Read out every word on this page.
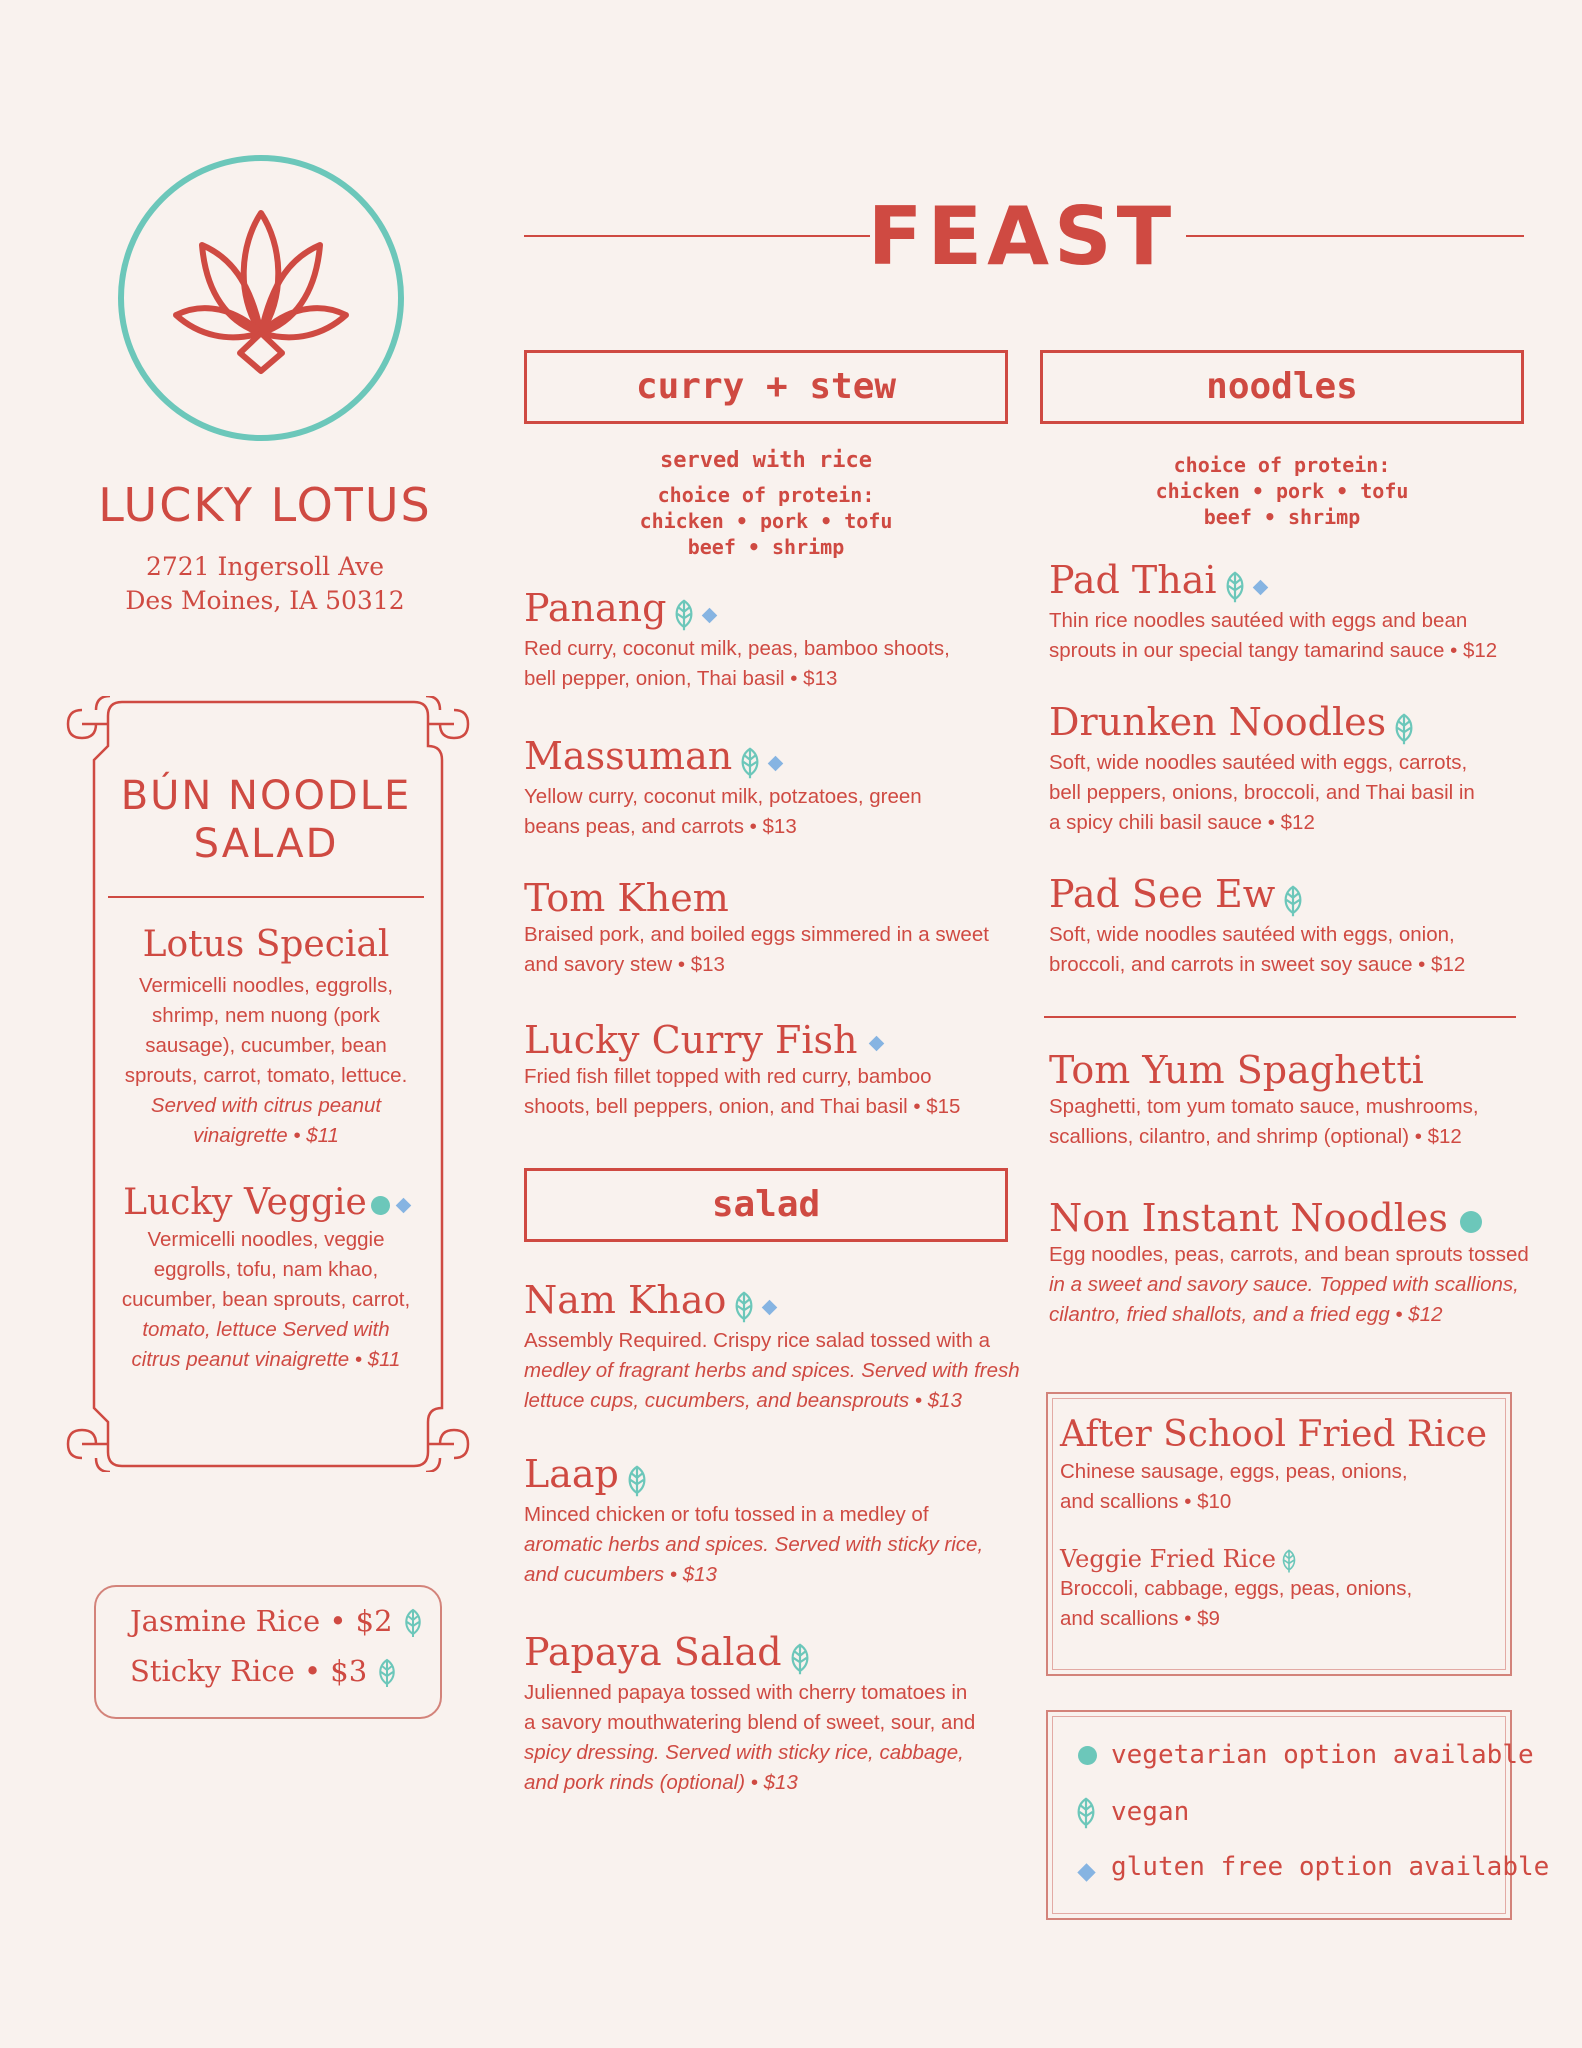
LUCKY LOTUS
2721 Ingersoll Ave
Des Moines, IA 50312
BÚN NOODLE
SALAD
Lotus Special
Vermicelli noodles, eggrolls,
shrimp, nem nuong (pork
sausage), cucumber, bean
sprouts, carrot, tomato, lettuce.
Served with citrus peanut
vinaigrette • $11
Lucky Veggie
Vermicelli noodles, veggie
eggrolls, tofu, nam khao,
cucumber, bean sprouts, carrot,
tomato, lettuce Served with
citrus peanut vinaigrette • $11
Jasmine Rice • $2
Sticky Rice • $3
FEAST
curry + stew
served with rice
choice of protein:
chicken • pork • tofu
beef • shrimp
Panang
Red curry, coconut milk, peas, bamboo shoots,
bell pepper, onion, Thai basil • $13
Massuman
Yellow curry, coconut milk, potzatoes, green
beans peas, and carrots • $13
Tom Khem
Braised pork, and boiled eggs simmered in a sweet
and savory stew • $13
Lucky Curry Fish
Fried fish fillet topped with red curry, bamboo
shoots, bell peppers, onion, and Thai basil • $15
salad
Nam Khao
Assembly Required. Crispy rice salad tossed with a
medley of fragrant herbs and spices. Served with fresh
lettuce cups, cucumbers, and beansprouts • $13
Laap
Minced chicken or tofu tossed in a medley of
aromatic herbs and spices. Served with sticky rice,
and cucumbers • $13
Papaya Salad
Julienned papaya tossed with cherry tomatoes in
a savory mouthwatering blend of sweet, sour, and
spicy dressing. Served with sticky rice, cabbage,
and pork rinds (optional) • $13
noodles
choice of protein:
chicken • pork • tofu
beef • shrimp
Pad Thai
Thin rice noodles sautéed with eggs and bean
sprouts in our special tangy tamarind sauce • $12
Drunken Noodles
Soft, wide noodles sautéed with eggs, carrots,
bell peppers, onions, broccoli, and Thai basil in
a spicy chili basil sauce • $12
Pad See Ew
Soft, wide noodles sautéed with eggs, onion,
broccoli, and carrots in sweet soy sauce • $12
Tom Yum Spaghetti
Spaghetti, tom yum tomato sauce, mushrooms,
scallions, cilantro, and shrimp (optional) • $12
Non Instant Noodles
Egg noodles, peas, carrots, and bean sprouts tossed
in a sweet and savory sauce. Topped with scallions,
cilantro, fried shallots, and a fried egg • $12
After School Fried Rice
Chinese sausage, eggs, peas, onions,
and scallions • $10
Veggie Fried Rice
Broccoli, cabbage, eggs, peas, onions,
and scallions • $9
vegetarian option available
vegan
gluten free option available
